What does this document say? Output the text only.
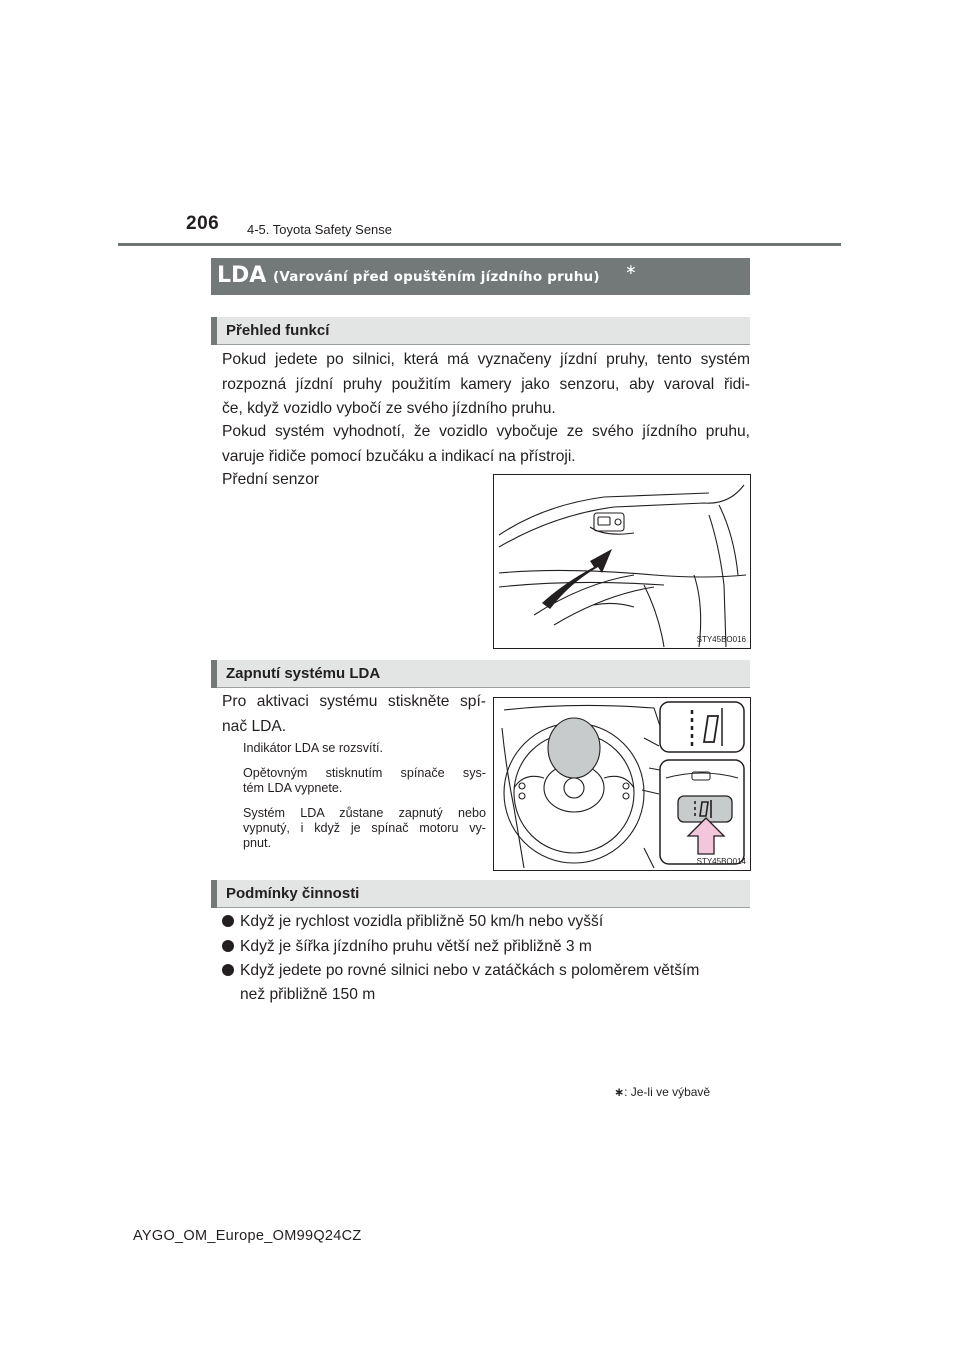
206 4-5. Toyota Safety Sense
LDA (Varování před opuštěním jízdního pruhu) ∗
Přehled funkcí
Pokud jedete po silnici, která má vyznačeny jízdní pruhy, tento systém
rozpozná jízdní pruhy použitím kamery jako senzoru, aby varoval řidi-
če, když vozidlo vybočí ze svého jízdního pruhu.
Pokud systém vyhodnotí, že vozidlo vybočuje ze svého jízdního pruhu,
varuje řidiče pomocí bzučáku a indikací na přístroji.
Přední senzor
STY45BO016
Zapnutí systému LDA
Pro aktivaci systému stiskněte spí-
nač LDA.
Indikátor LDA se rozsvítí.
Opětovným stisknutím spínače sys-
tém LDA vypnete.
Systém LDA zůstane zapnutý nebo
vypnutý, i když je spínač motoru vy-
pnut.
STY45BO014
Podmínky činnosti
Když je rychlost vozidla přibližně 50 km/h nebo vyšší
Když je šířka jízdního pruhu větší než přibližně 3 m
Když jedete po rovné silnici nebo v zatáčkách s poloměrem větším
než přibližně 150 m
∗: Je-li ve výbavě
AYGO_OM_Europe_OM99Q24CZ
